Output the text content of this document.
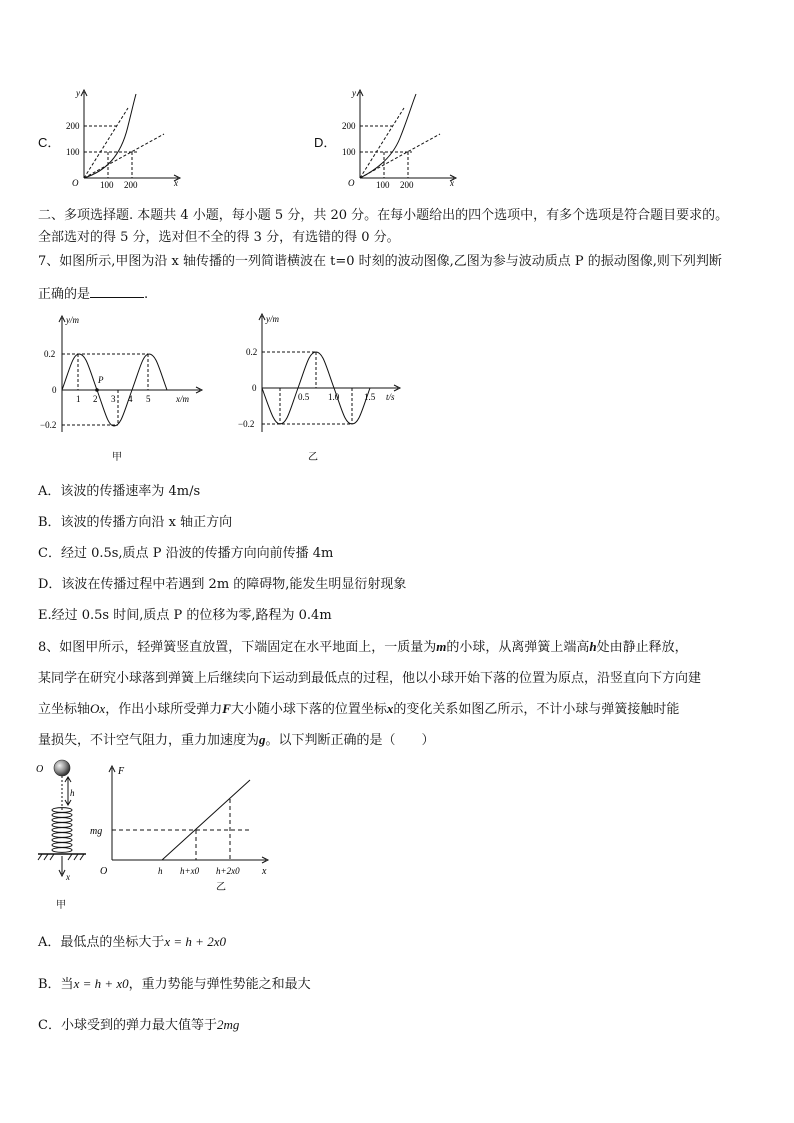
C．
y
x
O
200
100
100 200
D．
y
x
O
200
100
100 200
二、多项选择题. 本题共 4 小题，每小题 5 分，共 20 分。在每小题给出的四个选项中，有多个选项是符合题目要求的。
全部选对的得 5 分，选对但不全的得 3 分，有选错的得 0 分。
7、如图所示,甲图为沿 x 轴传播的一列简谐横波在 t=0 时刻的波动图像,乙图为参与波动质点 P 的振动图像,则下列判断
正确的是	.
y/m
x/m
P
0.2
0
−0.2
1 2 3 4 5
甲
y/m
t/s
0.2
0
−0.2
0.5 1.0	1.5
乙
A．该波的传播速率为 4m/s
B．该波的传播方向沿 x 轴正方向
C．经过 0.5s,质点 P 沿波的传播方向向前传播 4m
D．该波在传播过程中若遇到 2m 的障碍物,能发生明显衍射现象
E.经过 0.5s 时间,质点 P 的位移为零,路程为 0.4m
8、如图甲所示，轻弹簧竖直放置，下端固定在水平地面上，一质量为m的小球，从离弹簧上端高h处由静止释放，
某同学在研究小球落到弹簧上后继续向下运动到最低点的过程，他以小球开始下落的位置为原点，沿竖直向下方向建
立坐标轴Ox，作出小球所受弹力F大小随小球下落的位置坐标x的变化关系如图乙所示，不计小球与弹簧接触时能
量损失，不计空气阻力，重力加速度为g。以下判断正确的是（　　）
O
h
x
甲
F
x
O
mg
h h+x0 h+2x0
乙
A．最低点的坐标大于x = h + 2x0
B．当x = h + x0，重力势能与弹性势能之和最大
C．小球受到的弹力最大值等于2mg
